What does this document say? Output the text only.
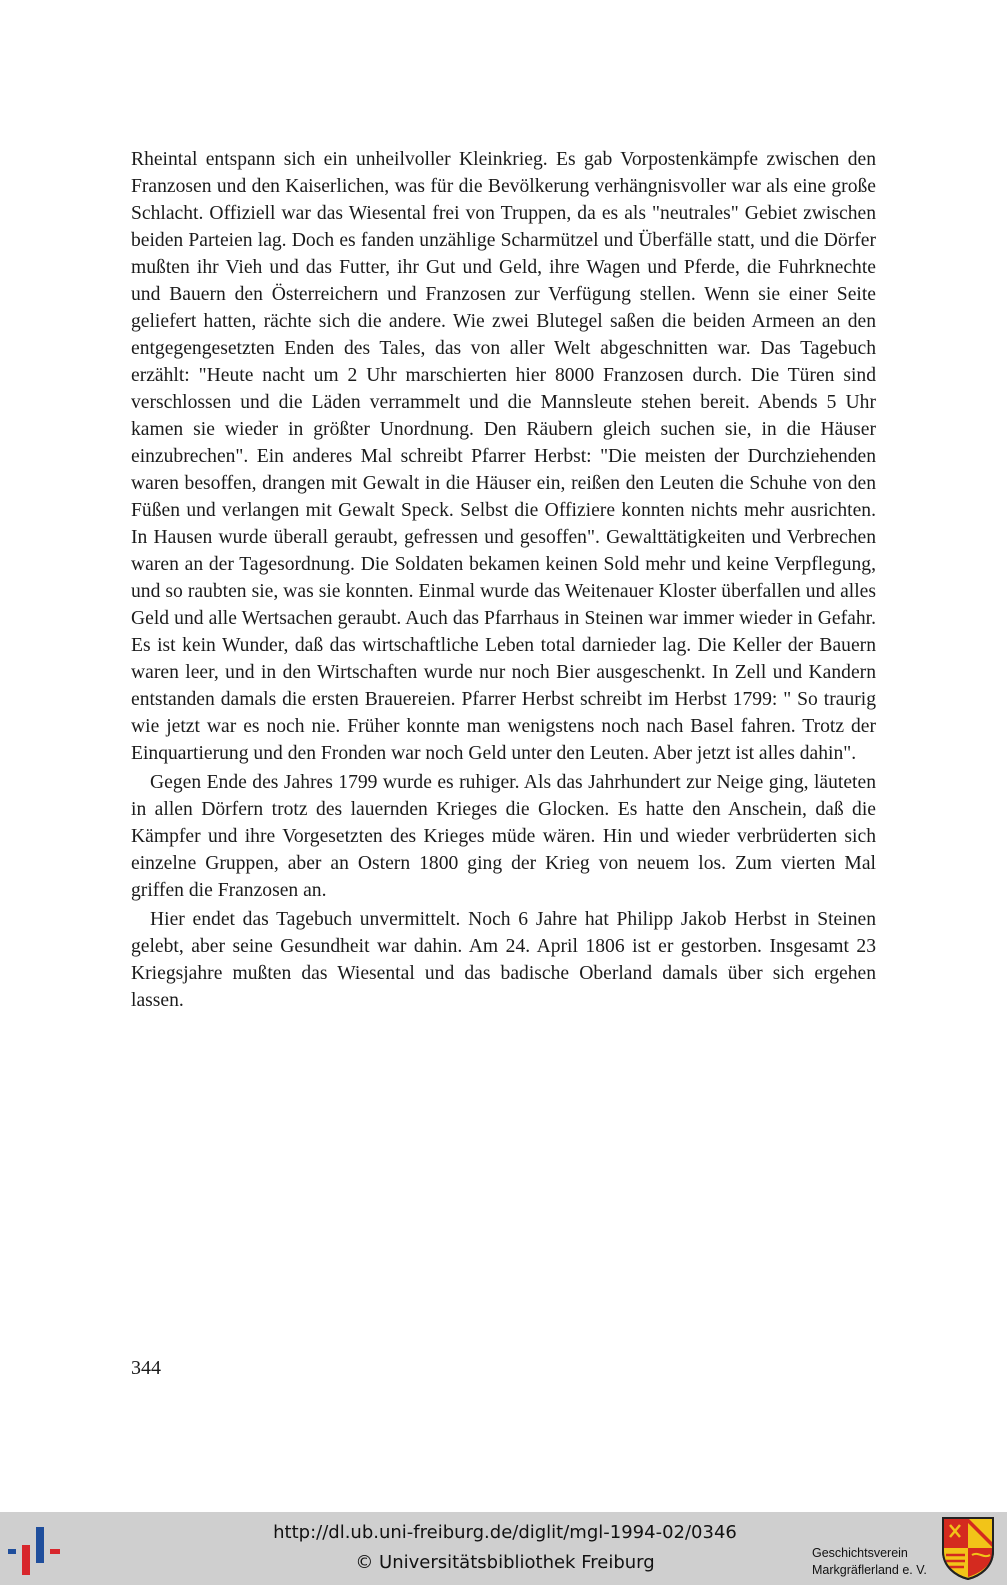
Rheintal entspann sich ein unheilvoller Kleinkrieg. Es gab Vorpostenkämpfe zwischen den Franzosen und den Kaiserlichen, was für die Bevölkerung verhängnisvoller war als eine große Schlacht. Offiziell war das Wiesental frei von Truppen, da es als "neutrales" Gebiet zwischen beiden Parteien lag. Doch es fanden unzählige Scharmützel und Überfälle statt, und die Dörfer mußten ihr Vieh und das Futter, ihr Gut und Geld, ihre Wagen und Pferde, die Fuhrknechte und Bauern den Österreichern und Franzosen zur Verfügung stellen. Wenn sie einer Seite geliefert hatten, rächte sich die andere. Wie zwei Blutegel saßen die beiden Armeen an den entgegengesetzten Enden des Tales, das von aller Welt abgeschnitten war. Das Tagebuch erzählt: "Heute nacht um 2 Uhr marschierten hier 8000 Franzosen durch. Die Türen sind verschlossen und die Läden verrammelt und die Mannsleute stehen bereit. Abends 5 Uhr kamen sie wieder in größter Unordnung. Den Räubern gleich suchen sie, in die Häuser einzubrechen". Ein anderes Mal schreibt Pfarrer Herbst: "Die meisten der Durchziehenden waren besoffen, drangen mit Gewalt in die Häuser ein, reißen den Leuten die Schuhe von den Füßen und verlangen mit Gewalt Speck. Selbst die Offiziere konnten nichts mehr ausrichten. In Hausen wurde überall geraubt, gefressen und gesoffen". Gewalttätigkeiten und Verbrechen waren an der Tagesordnung. Die Soldaten bekamen keinen Sold mehr und keine Verpflegung, und so raubten sie, was sie konnten. Einmal wurde das Weitenauer Kloster überfallen und alles Geld und alle Wertsachen geraubt. Auch das Pfarrhaus in Steinen war immer wieder in Gefahr. Es ist kein Wunder, daß das wirtschaftliche Leben total darnieder lag. Die Keller der Bauern waren leer, und in den Wirtschaften wurde nur noch Bier ausgeschenkt. In Zell und Kandern entstanden damals die ersten Brauereien. Pfarrer Herbst schreibt im Herbst 1799: " So traurig wie jetzt war es noch nie. Früher konnte man wenigstens noch nach Basel fahren. Trotz der Einquartierung und den Fronden war noch Geld unter den Leuten. Aber jetzt ist alles dahin".

Gegen Ende des Jahres 1799 wurde es ruhiger. Als das Jahrhundert zur Neige ging, läuteten in allen Dörfern trotz des lauernden Krieges die Glocken. Es hatte den Anschein, daß die Kämpfer und ihre Vorgesetzten des Krieges müde wären. Hin und wieder verbrüderten sich einzelne Gruppen, aber an Ostern 1800 ging der Krieg von neuem los. Zum vierten Mal griffen die Franzosen an.

Hier endet das Tagebuch unvermittelt. Noch 6 Jahre hat Philipp Jakob Herbst in Steinen gelebt, aber seine Gesundheit war dahin. Am 24. April 1806 ist er gestorben. Insgesamt 23 Kriegsjahre mußten das Wiesental und das badische Oberland damals über sich ergehen lassen.

344
http://dl.ub.uni-freiburg.de/diglit/mgl-1994-02/0346
© Universitätsbibliothek Freiburg	Geschichtsverein
Markgräflerland e. V.
